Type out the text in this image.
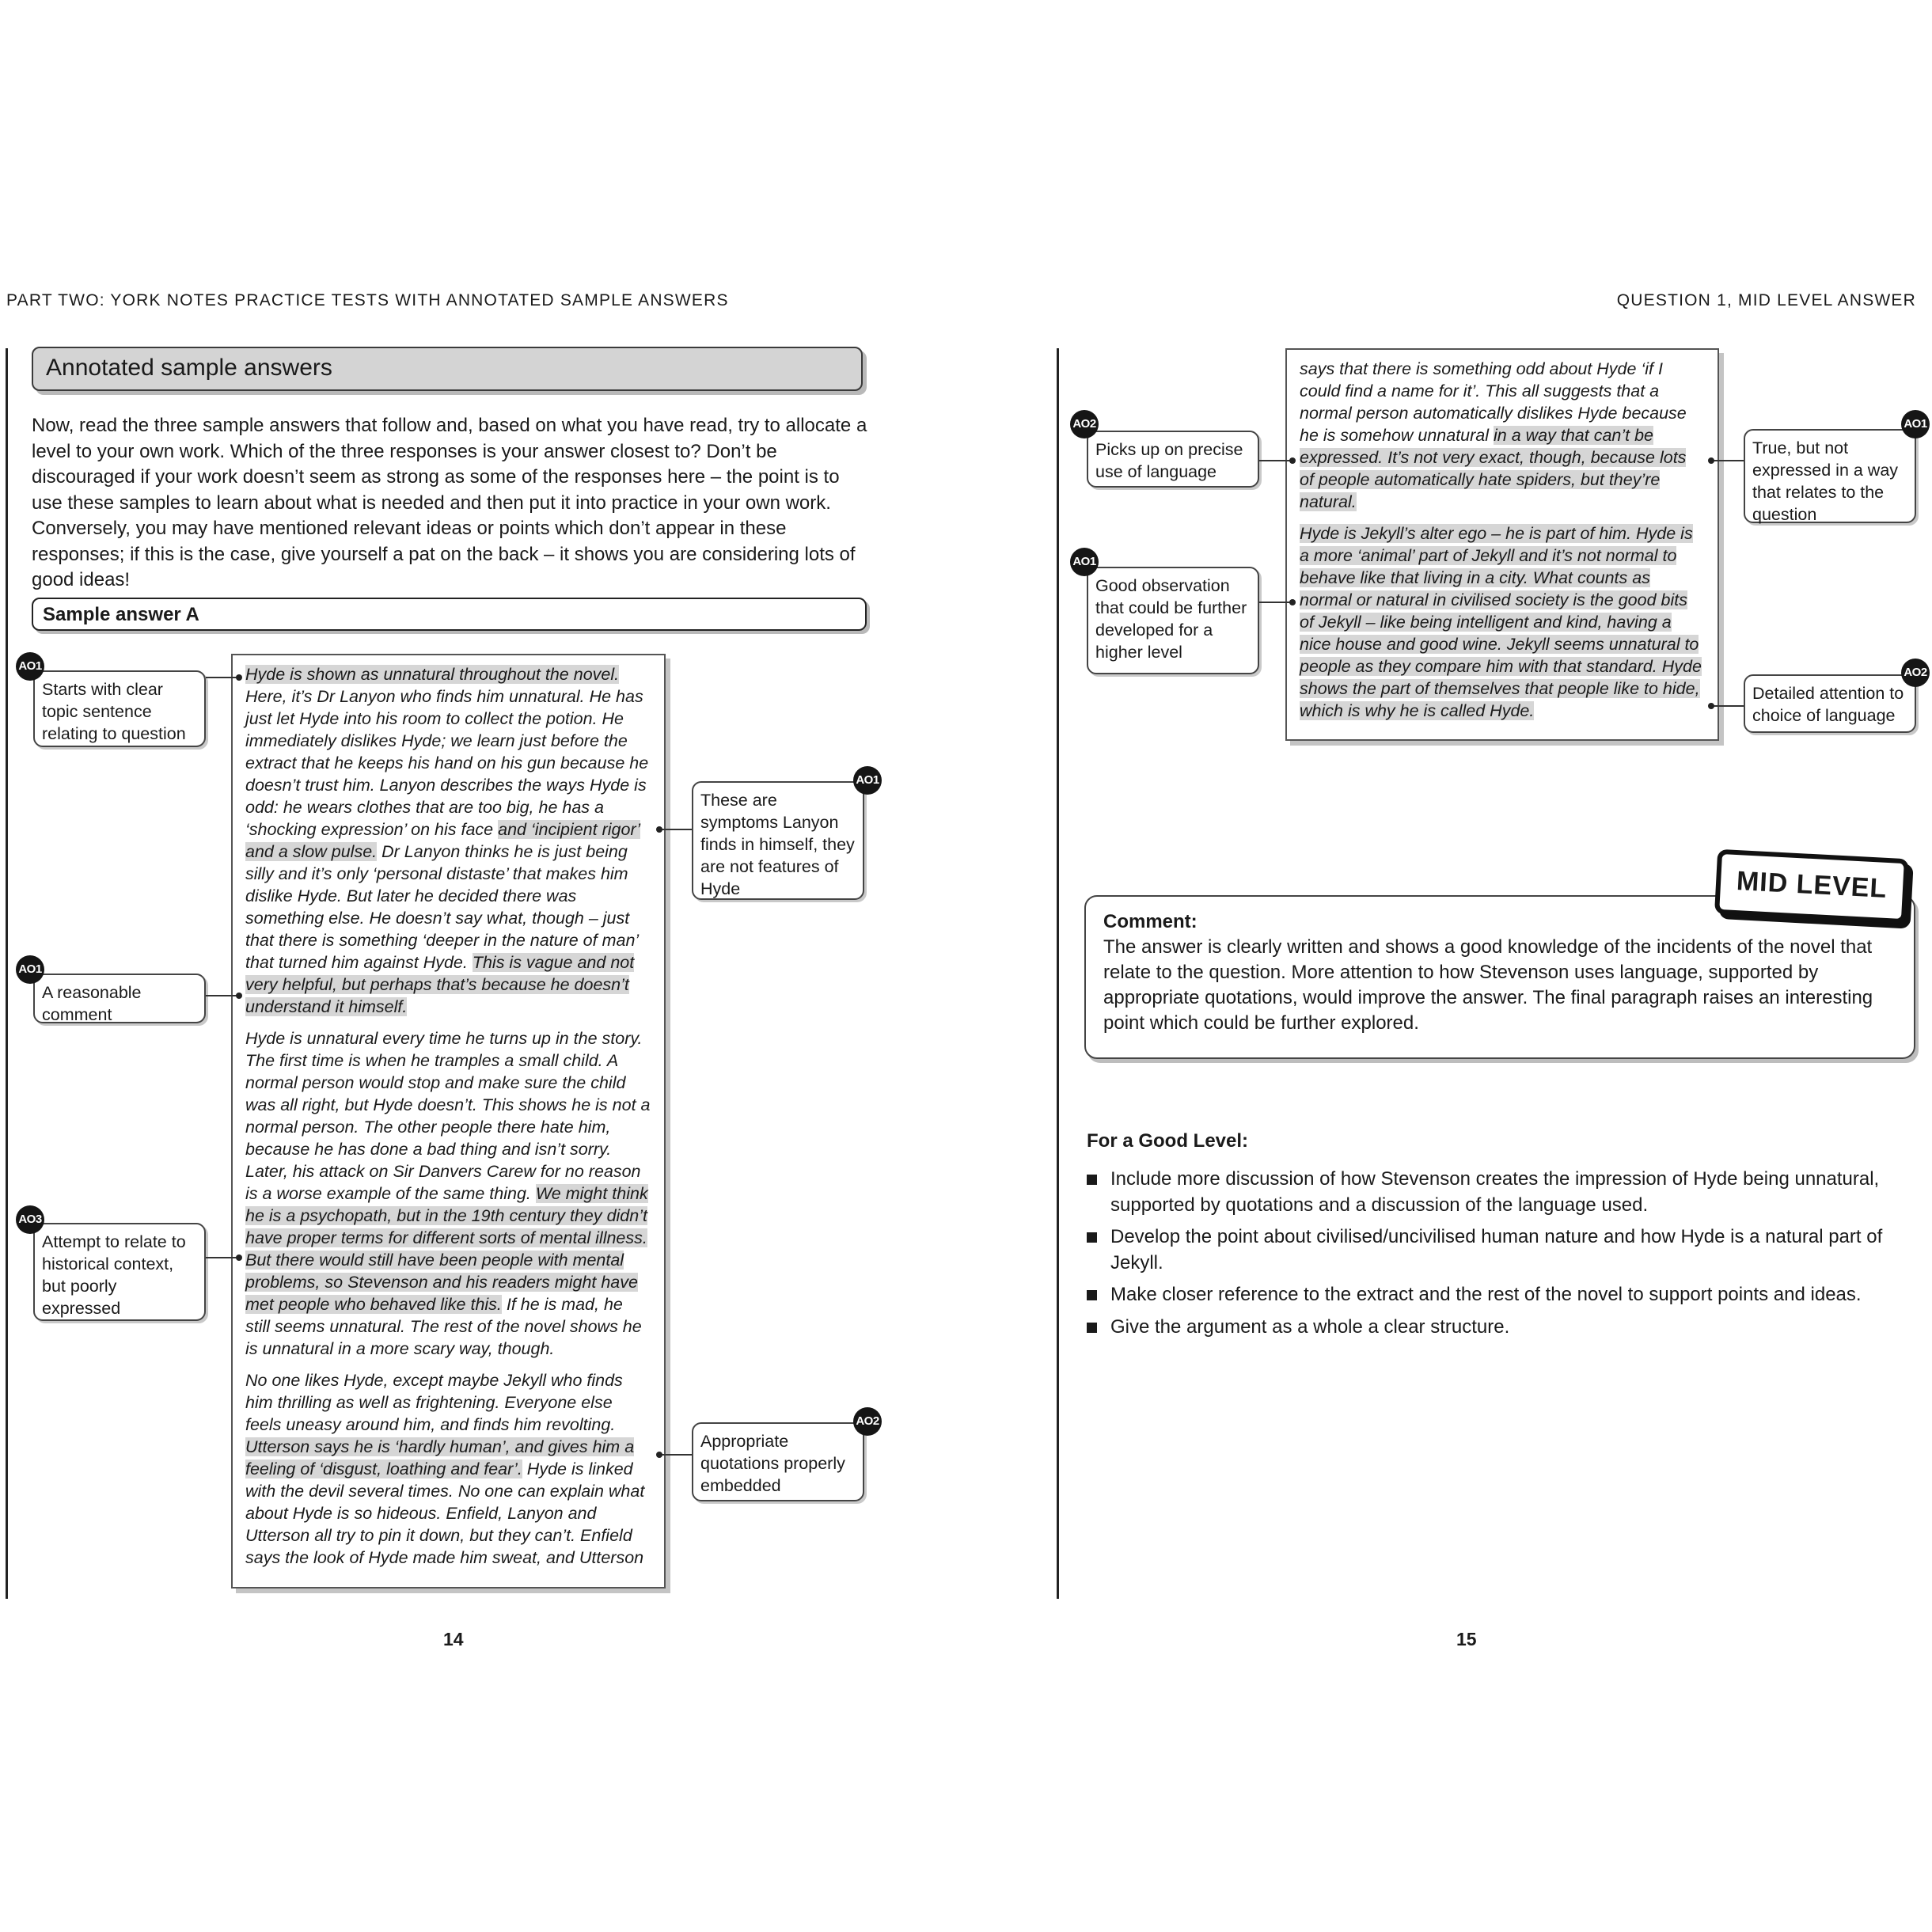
PART TWO: YORK NOTES PRACTICE TESTS WITH ANNOTATED SAMPLE ANSWERS	QUESTION 1, MID LEVEL ANSWER
Annotated sample answers
Now, read the three sample answers that follow and, based on what you have read, try to allocate a level to your own work. Which of the three responses is your answer closest to? Don’t be discouraged if your work doesn’t seem as strong as some of the responses here – the point is to use these samples to learn about what is needed and then put it into practice in your own work. Conversely, you may have mentioned relevant ideas or points which don’t appear in these responses; if this is the case, give yourself a pat on the back – it shows you are considering lots of good ideas!
Sample answer A

Hyde is shown as unnatural throughout the novel. Here, it’s Dr Lanyon who finds him unnatural. He has just let Hyde into his room to collect the potion. He immediately dislikes Hyde; we learn just before the extract that he keeps his hand on his gun because he doesn’t trust him. Lanyon describes the ways Hyde is odd: he wears clothes that are too big, he has a ‘shocking expression’ on his face and ‘incipient rigor’ and a slow pulse. Dr Lanyon thinks he is just being silly and it’s only ‘personal distaste’ that makes him dislike Hyde. But later he decided there was something else. He doesn’t say what, though – just that there is something ‘deeper in the nature of man’ that turned him against Hyde. This is vague and not very helpful, but perhaps that’s because he doesn’t understand it himself.

Hyde is unnatural every time he turns up in the story. The first time is when he tramples a small child. A normal person would stop and make sure the child was all right, but Hyde doesn’t. This shows he is not a normal person. The other people there hate him, because he has done a bad thing and isn’t sorry. Later, his attack on Sir Danvers Carew for no reason is a worse example of the same thing. We might think he is a psychopath, but in the 19th century they didn’t have proper terms for different sorts of mental illness. But there would still have been people with mental problems, so Stevenson and his readers might have met people who behaved like this. If he is mad, he still seems unnatural. The rest of the novel shows he is unnatural in a more scary way, though.

No one likes Hyde, except maybe Jekyll who finds him thrilling as well as frightening. Everyone else feels uneasy around him, and finds him revolting. Utterson says he is ‘hardly human’, and gives him a feeling of ‘disgust, loathing and fear’. Hyde is linked with the devil several times. No one can explain what about Hyde is so hideous. Enfield, Lanyon and Utterson all try to pin it down, but they can’t. Enfield says the look of Hyde made him sweat, and Utterson

Starts with clear topic sentence relating to question
AO1
These are symptoms Lanyon finds in himself, they are not features of Hyde
AO1
A reasonable comment
AO1
Attempt to relate to historical context, but poorly expressed
AO3
Appropriate quotations properly embedded
AO2
14

says that there is something odd about Hyde ‘if I could find a name for it’. This all suggests that a normal person automatically dislikes Hyde because he is somehow unnatural in a way that can’t be expressed. It’s not very exact, though, because lots of people automatically hate spiders, but they’re natural.

Hyde is Jekyll’s alter ego – he is part of him. Hyde is a more ‘animal’ part of Jekyll and it’s not normal to behave like that living in a city. What counts as normal or natural in civilised society is the good bits of Jekyll – like being intelligent and kind, having a nice house and good wine. Jekyll seems unnatural to people as they compare him with that standard. Hyde shows the part of themselves that people like to hide, which is why he is called Hyde.

Picks up on precise use of language
AO2
True, but not expressed in a way that relates to the question
AO1
Good observation that could be further developed for a higher level
AO1
Detailed attention to choice of language
AO2
Comment:
The answer is clearly written and shows a good knowledge of the incidents of the novel that relate to the question. More attention to how Stevenson uses language, supported by appropriate quotations, would improve the answer. The final paragraph raises an interesting point which could be further explored.
MID LEVEL
For a Good Level:
Include more discussion of how Stevenson creates the impression of Hyde being unnatural, supported by quotations and a discussion of the language used.
Develop the point about civilised/uncivilised human nature and how Hyde is a natural part of Jekyll.
Make closer reference to the extract and the rest of the novel to support points and ideas.
Give the argument as a whole a clear structure.
15
